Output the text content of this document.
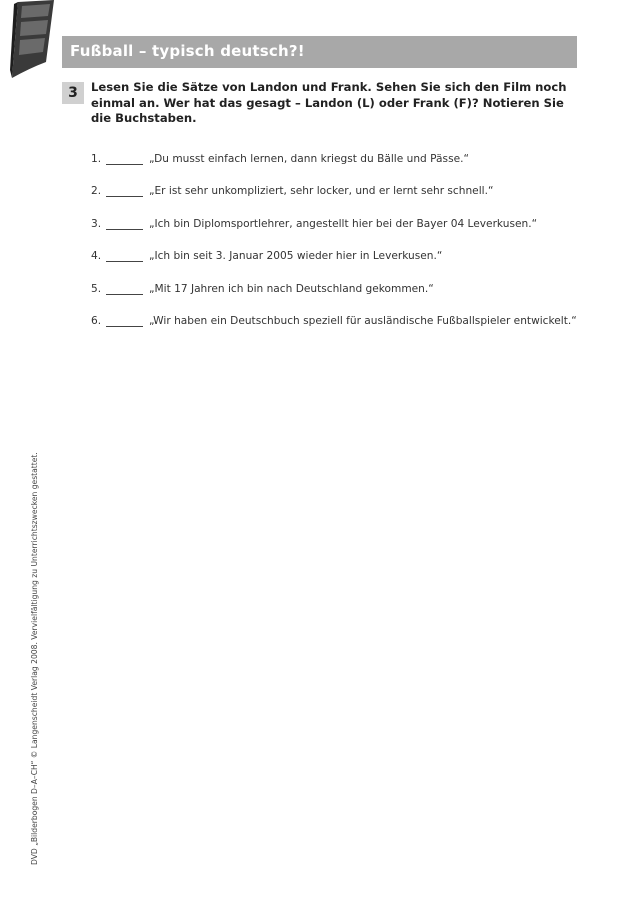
Fußball – typisch deutsch?!
3	Lesen Sie die Sätze von Landon und Frank. Sehen Sie sich den Film noch einmal an. Wer hat das gesagt – Landon (L) oder Frank (F)? Notieren Sie die Buchstaben.
1.	„Du musst einfach lernen, dann kriegst du Bälle und Pässe.“
2.	„Er ist sehr unkompliziert, sehr locker, und er lernt sehr schnell.“
3.	„Ich bin Diplomsportlehrer, angestellt hier bei der Bayer 04 Leverkusen.“
4.	„Ich bin seit 3. Januar 2005 wieder hier in Leverkusen.“
5.	„Mit 17 Jahren ich bin nach Deutschland gekommen.“
6.	„Wir haben ein Deutschbuch speziell für ausländische Fußballspieler entwickelt.“
DVD „Bilderbogen D–A–CH“ © Langenscheidt Verlag 2008. Vervielfältigung zu Unterrichtszwecken gestattet.
